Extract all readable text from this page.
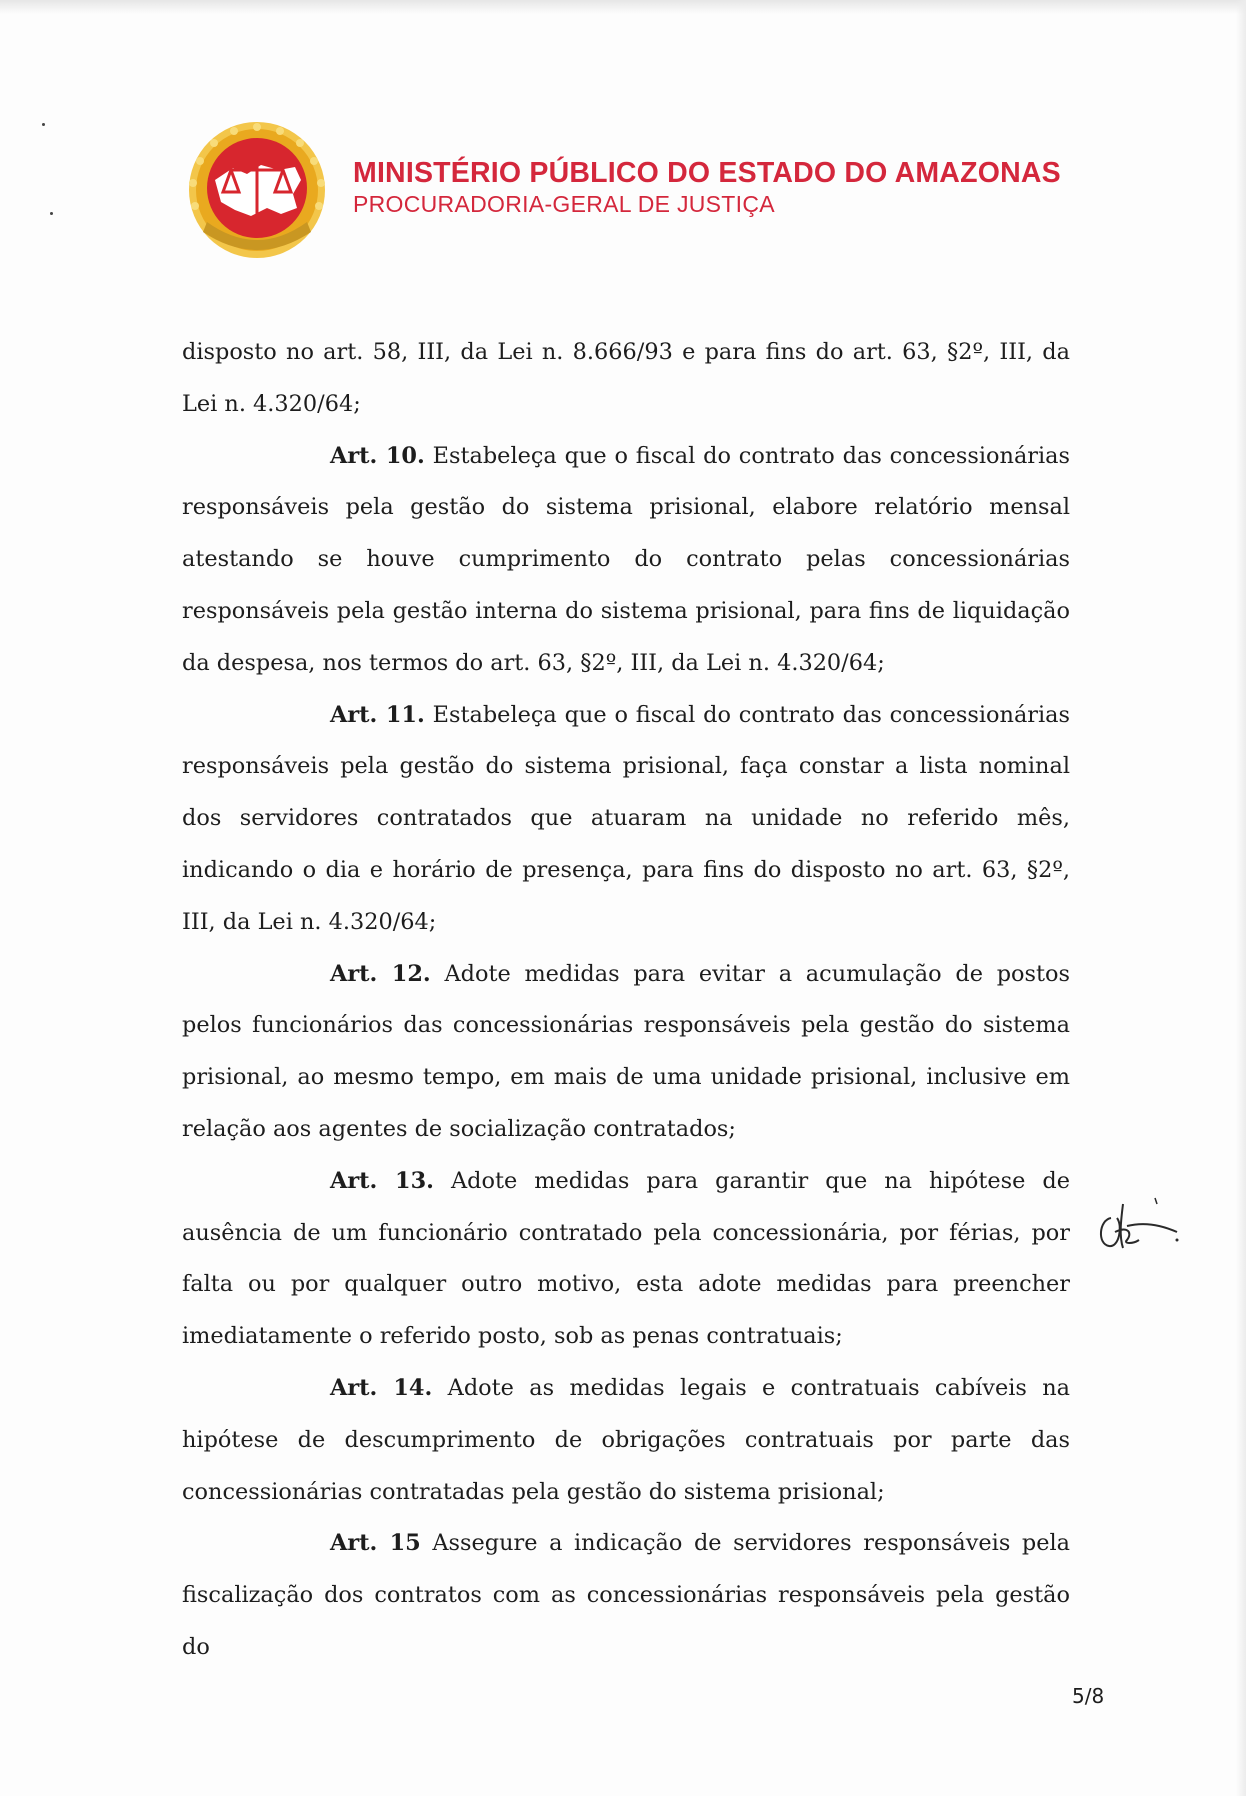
MINISTÉRIO PÚBLICO DO ESTADO DO AMAZONAS
PROCURADORIA-GERAL DE JUSTIÇA

disposto no art. 58, III, da Lei n. 8.666/93 e para fins do art. 63, §2º, III, da Lei n. 4.320/64;

Art. 10. Estabeleça que o fiscal do contrato das concessionárias responsáveis pela gestão do sistema prisional, elabore relatório mensal atestando se houve cumprimento do contrato pelas concessionárias responsáveis pela gestão interna do sistema prisional, para fins de liquidação da despesa, nos termos do art. 63, §2º, III, da Lei n. 4.320/64;

Art. 11. Estabeleça que o fiscal do contrato das concessionárias responsáveis pela gestão do sistema prisional, faça constar a lista nominal dos servidores contratados que atuaram na unidade no referido mês, indicando o dia e horário de presença, para fins do disposto no art. 63, §2º, III, da Lei n. 4.320/64;

Art. 12. Adote medidas para evitar a acumulação de postos pelos funcionários das concessionárias responsáveis pela gestão do sistema prisional, ao mesmo tempo, em mais de uma unidade prisional, inclusive em relação aos agentes de socialização contratados;

Art. 13. Adote medidas para garantir que na hipótese de ausência de um funcionário contratado pela concessionária, por férias, por falta ou por qualquer outro motivo, esta adote medidas para preencher imediatamente o referido posto, sob as penas contratuais;

Art. 14. Adote as medidas legais e contratuais cabíveis na hipótese de descumprimento de obrigações contratuais por parte das concessionárias contratadas pela gestão do sistema prisional;

Art. 15 Assegure a indicação de servidores responsáveis pela fiscalização dos contratos com as concessionárias responsáveis pela gestão do

5/8
